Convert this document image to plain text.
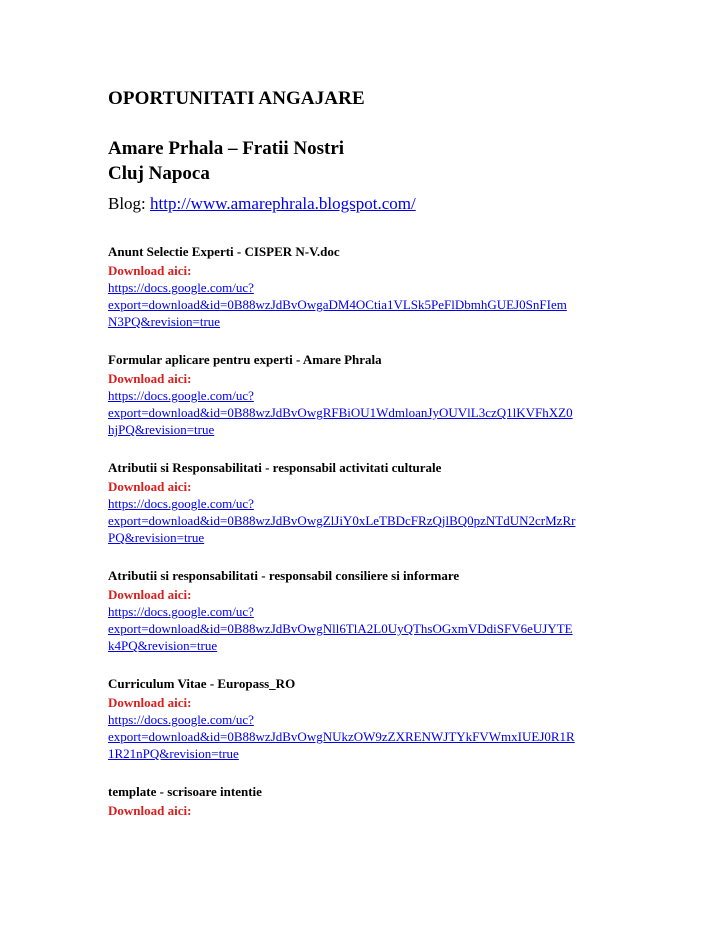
OPORTUNITATI ANGAJARE
Amare Prhala – Fratii Nostri
Cluj Napoca
Blog: http://www.amarephrala.blogspot.com/
Anunt Selectie Experti - CISPER N-V.doc
Download aici:
https://docs.google.com/uc?
export=download&id=0B88wzJdBvOwgaDM4OCtia1VLSk5PeFlDbmhGUEJ0SnFIem
N3PQ&revision=true
Formular aplicare pentru experti - Amare Phrala
Download aici:
https://docs.google.com/uc?
export=download&id=0B88wzJdBvOwgRFBiOU1WdmloanJyOUVlL3czQ1lKVFhXZ0
hjPQ&revision=true
Atributii si Responsabilitati - responsabil activitati culturale
Download aici:
https://docs.google.com/uc?
export=download&id=0B88wzJdBvOwgZlJiY0xLeTBDcFRzQjlBQ0pzNTdUN2crMzRr
PQ&revision=true
Atributii si responsabilitati - responsabil consiliere si informare
Download aici:
https://docs.google.com/uc?
export=download&id=0B88wzJdBvOwgNll6TlA2L0UyQThsOGxmVDdiSFV6eUJYTE
k4PQ&revision=true
Curriculum Vitae - Europass_RO
Download aici:
https://docs.google.com/uc?
export=download&id=0B88wzJdBvOwgNUkzOW9zZXRENWJTYkFVWmxIUEJ0R1R
1R21nPQ&revision=true
template - scrisoare intentie
Download aici:
